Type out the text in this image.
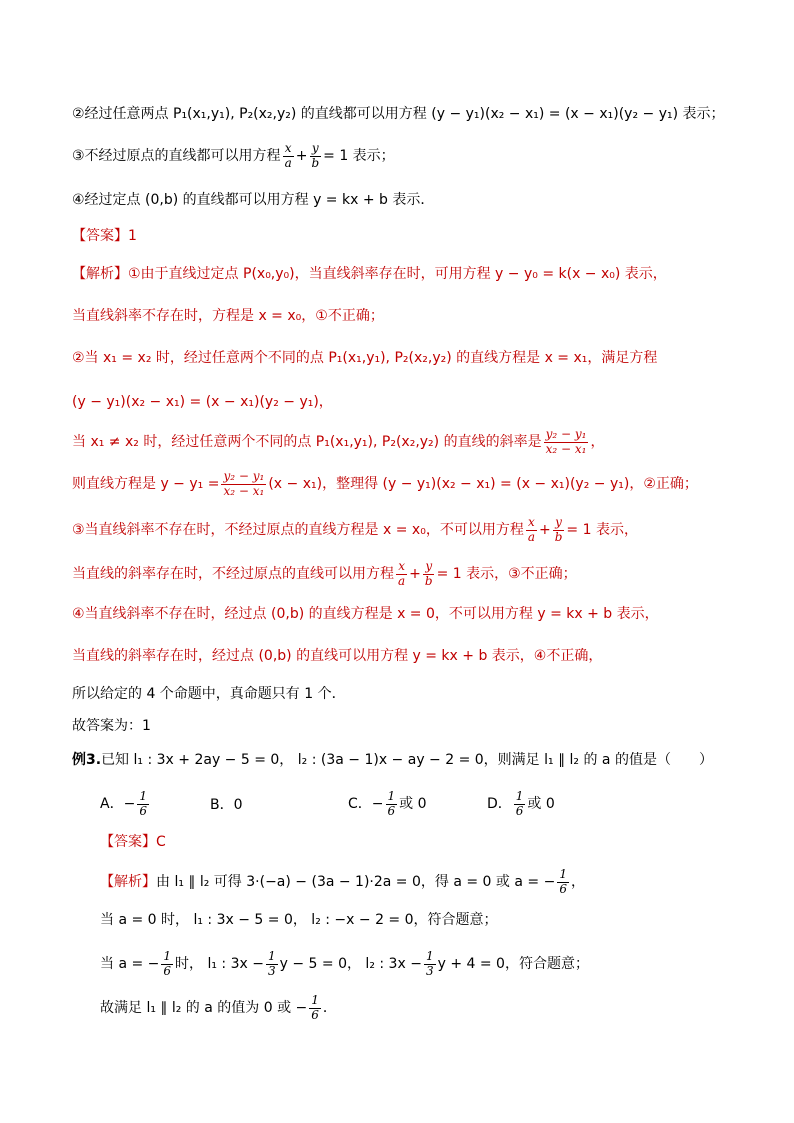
②经过任意两点 P₁(x₁,y₁), P₂(x₂,y₂) 的直线都可以用方程 (y − y₁)(x₂ − x₁) = (x − x₁)(y₂ − y₁) 表示；
③不经过原点的直线都可以用方程 $\frac{x}{a} + \frac{y}{b} = 1$ 表示；
④经过定点 (0,b) 的直线都可以用方程 y = kx + b 表示．
【答案】 1
【解析】 ①由于直线过定点 P(x₀,y₀)，当直线斜率存在时，可用方程 y − y₀ = k(x − x₀) 表示，
当直线斜率不存在时，方程是 x = x₀，①不正确；
②当 x₁ = x₂ 时，经过任意两个不同的点 P₁(x₁,y₁), P₂(x₂,y₂) 的直线方程是 x = x₁，满足方程
(y − y₁)(x₂ − x₁) = (x − x₁)(y₂ − y₁)，
当 x₁ ≠ x₂ 时，经过任意两个不同的点 P₁(x₁,y₁), P₂(x₂,y₂) 的直线的斜率是 $\frac{\text{y₂ − y₁}}{\text{x₂ − x₁}}$ ，
则直线方程是 $y - y_1 = \frac{\text{y₂ − y₁}}{\text{x₂ − x₁}} (x - x_1)$，整理得 (y − y₁)(x₂ − x₁) = (x − x₁)(y₂ − y₁)，②正确；
③当直线斜率不存在时，不经过原点的直线方程是 x = x₀，不可以用方程 $\frac{x}{a} + \frac{y}{b} = 1$ 表示，
当直线的斜率存在时，不经过原点的直线可以用方程 $\frac{x}{a} + \frac{y}{b} = 1$ 表示，③不正确；
④当直线斜率不存在时，经过点 (0,b) 的直线方程是 x = 0，不可以用方程 y = kx + b 表示，
当直线的斜率存在时，经过点 (0,b) 的直线可以用方程 y = kx + b 表示，④不正确，
所以给定的 4 个命题中，真命题只有 1 个．
故答案为：1
例3. 已知 l₁ : 3x + 2ay − 5 = 0， l₂ : (3a − 1)x − ay − 2 = 0，则满足 l₁ ∥ l₂ 的 a 的值是（　　）
A． − $\frac{1}{6}$	B．0	C． − $\frac{1}{6}$ 或 0	D． $\frac{1}{6}$ 或 0
【答案】 C
【解析】 由 l₁ ∥ l₂ 可得 3·(−a) − (3a − 1)·2a = 0，得 a = 0 或 a = − $\frac{1}{6}$ ，
当 a = 0 时， l₁ : 3x − 5 = 0， l₂ : −x − 2 = 0，符合题意；
当 a = − $\frac{1}{6}$ 时， l₁ : $3x - \frac{1}{3}$ y − 5 = 0， l₂ : $3x - \frac{1}{3}$ y + 4 = 0，符合题意；
故满足 l₁ ∥ l₂ 的 a 的值为 0 或 − $\frac{1}{6}$ ．
